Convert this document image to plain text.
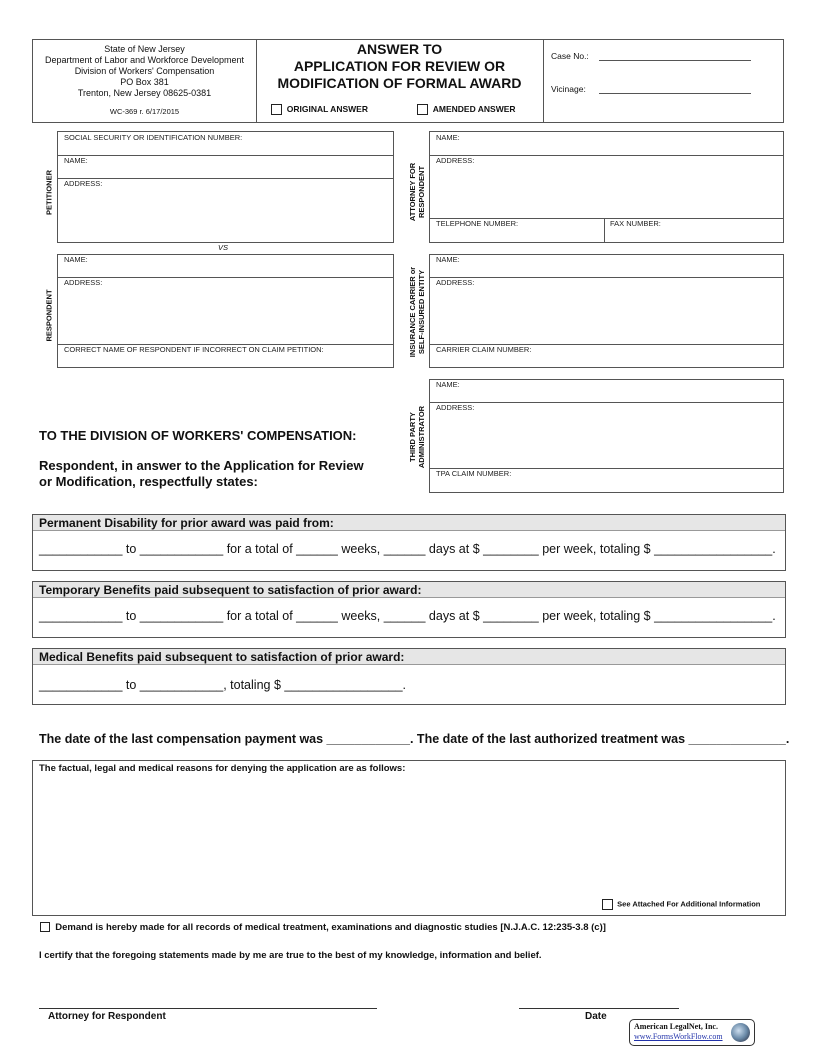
State of New Jersey
Department of Labor and Workforce Development
Division of Workers' Compensation
PO Box 381
Trenton, New Jersey 08625-0381
WC-369 r. 6/17/2015
ANSWER TO
APPLICATION FOR REVIEW OR
MODIFICATION OF FORMAL AWARD
ORIGINAL ANSWER	AMENDED ANSWER
Case No.:
Vicinage:
PETITIONER
SOCIAL SECURITY OR IDENTIFICATION NUMBER:
NAME:
ADDRESS:
VS
RESPONDENT
NAME:
ADDRESS:
CORRECT NAME OF RESPONDENT IF INCORRECT ON CLAIM PETITION:
ATTORNEY FOR RESPONDENT
NAME:
ADDRESS:
TELEPHONE NUMBER:	FAX NUMBER:
INSURANCE CARRIER or SELF-INSURED ENTITY
NAME:
ADDRESS:
CARRIER CLAIM NUMBER:
THIRD PARTY ADMINISTRATOR
NAME:
ADDRESS:
TPA CLAIM NUMBER:
TO THE DIVISION OF WORKERS' COMPENSATION:
Respondent, in answer to the Application for Review
or Modification, respectfully states:
Permanent Disability for prior award was paid from:
____________ to ____________ for a total of ______ weeks, ______ days at $ ________ per week, totaling $ _________________.
Temporary Benefits paid subsequent to satisfaction of prior award:
____________ to ____________ for a total of ______ weeks, ______ days at $ ________ per week, totaling $ _________________.
Medical Benefits paid subsequent to satisfaction of prior award:
____________ to ____________, totaling $ _________________.
The date of the last compensation payment was ____________. The date of the last authorized treatment was ______________.
The factual, legal and medical reasons for denying the application are as follows:
See Attached For Additional Information
Demand is hereby made for all records of medical treatment, examinations and diagnostic studies [N.J.A.C. 12:235-3.8 (c)]
I certify that the foregoing statements made by me are true to the best of my knowledge, information and belief.
Attorney for Respondent	Date
American LegalNet, Inc.
www.FormsWorkFlow.com
